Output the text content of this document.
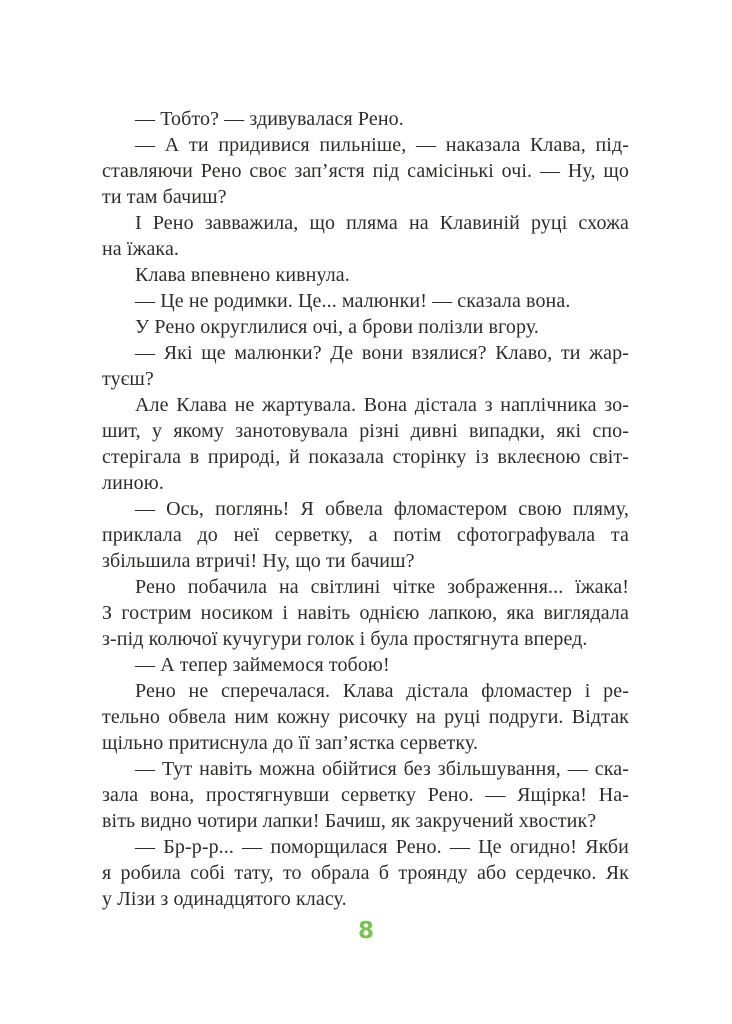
— Тобто? — здивувалася Рено.

— А ти придивися пильніше, — наказала Клава, під-
ставляючи Рено своє зап’ястя під самісінькі очі. — Ну, що
ти там бачиш?

І Рено завважила, що пляма на Клавиній руці схожа
на їжака.

Клава впевнено кивнула.

— Це не родимки. Це... малюнки! — сказала вона.

У Рено округлилися очі, а брови полізли вгору.

— Які ще малюнки? Де вони взялися? Клаво, ти жар-
туєш?

Але Клава не жартувала. Вона дістала з наплічника зо-
шит, у якому занотовувала різні дивні випадки, які спо-
стерігала в природі, й показала сторінку із вклеєною світ-
линою.

— Ось, поглянь! Я обвела фломастером свою пляму,
приклала до неї серветку, а потім сфотографувала та
збільшила втричі! Ну, що ти бачиш?

Рено побачила на світлині чітке зображення... їжака!
З гострим носиком і навіть однією лапкою, яка виглядала
з-під колючої кучугури голок і була простягнута вперед.

— А тепер займемося тобою!

Рено не сперечалася. Клава дістала фломастер і ре-
тельно обвела ним кожну рисочку на руці подруги. Відтак
щільно притиснула до її зап’ястка серветку.

— Тут навіть можна обійтися без збільшування, — ска-
зала вона, простягнувши серветку Рено. — Ящірка! На-
віть видно чотири лапки! Бачиш, як закручений хвостик?

— Бр-р-р... — поморщилася Рено. — Це огидно! Якби
я робила собі тату, то обрала б троянду або сердечко. Як
у Лізи з одинадцятого класу.

8
